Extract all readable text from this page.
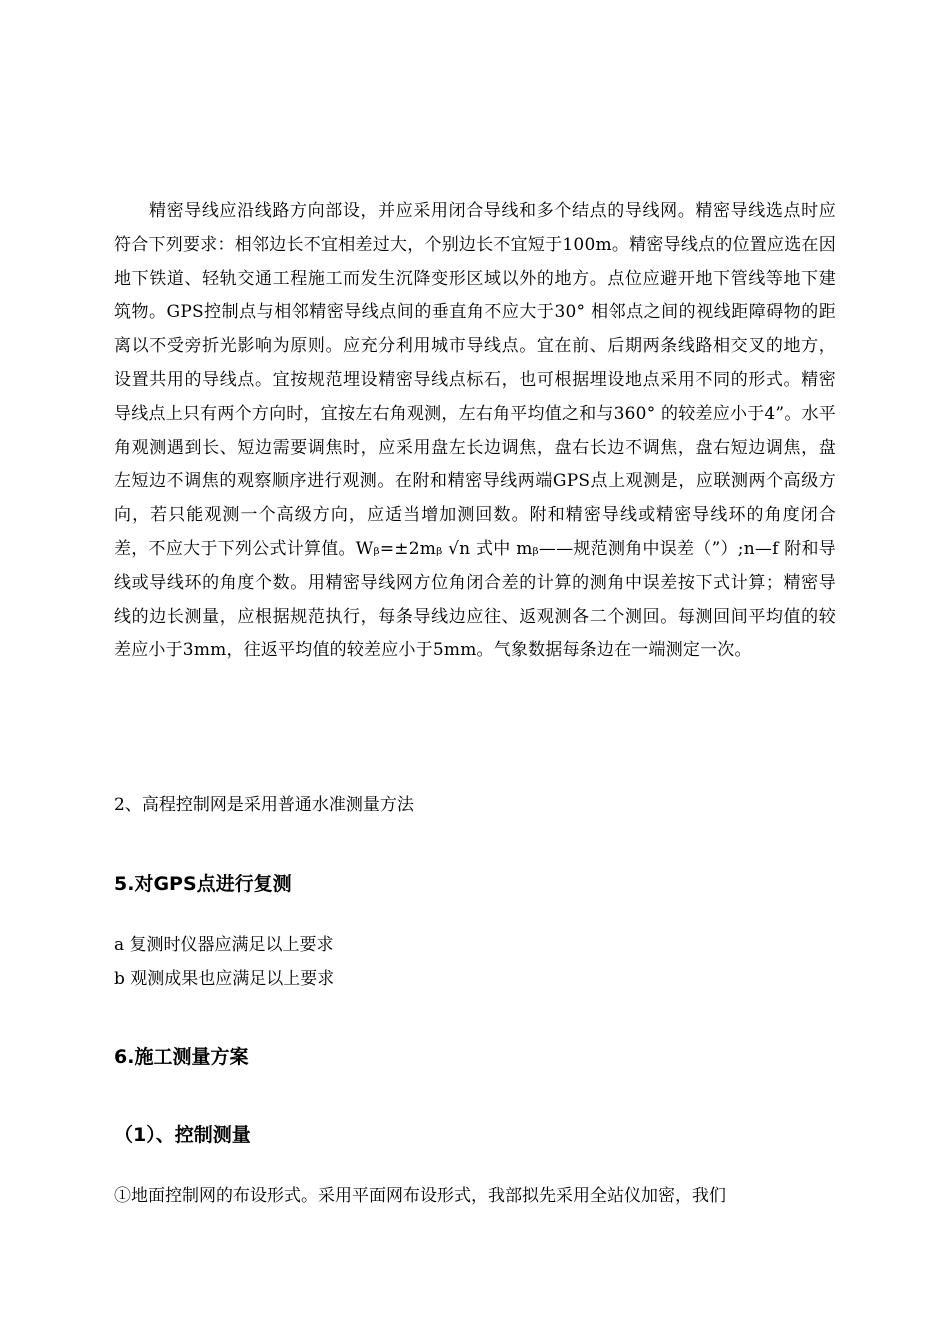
精密导线应沿线路方向部设，并应采用闭合导线和多个结点的导线网。精密导线选点时应符合下列要求：相邻边长不宜相差过大，个别边长不宜短于100m。精密导线点的位置应选在因地下铁道、轻轨交通工程施工而发生沉降变形区域以外的地方。点位应避开地下管线等地下建筑物。GPS控制点与相邻精密导线点间的垂直角不应大于30° 相邻点之间的视线距障碍物的距离以不受旁折光影响为原则。应充分利用城市导线点。宜在前、后期两条线路相交叉的地方，设置共用的导线点。宜按规范埋设精密导线点标石，也可根据埋设地点采用不同的形式。精密导线点上只有两个方向时，宜按左右角观测，左右角平均值之和与360° 的较差应小于4”。水平角观测遇到长、短边需要调焦时，应采用盘左长边调焦，盘右长边不调焦，盘右短边调焦，盘左短边不调焦的观察顺序进行观测。在附和精密导线两端GPS点上观测是，应联测两个高级方向，若只能观测一个高级方向，应适当增加测回数。附和精密导线或精密导线环的角度闭合差，不应大于下列公式计算值。Wᵦ=±2mᵦ √n 式中 mᵦ——规范测角中误差（”）;n—f 附和导线或导线环的角度个数。用精密导线网方位角闭合差的计算的测角中误差按下式计算；精密导线的边长测量，应根据规范执行，每条导线边应往、返观测各二个测回。每测回间平均值的较差应小于3mm，往返平均值的较差应小于5mm。气象数据每条边在一端测定一次。

2、高程控制网是采用普通水准测量方法

5.对GPS点进行复测

a 复测时仪器应满足以上要求

b 观测成果也应满足以上要求

6.施工测量方案
（1）、控制测量

①地面控制网的布设形式。采用平面网布设形式，我部拟先采用全站仪加密，我们
